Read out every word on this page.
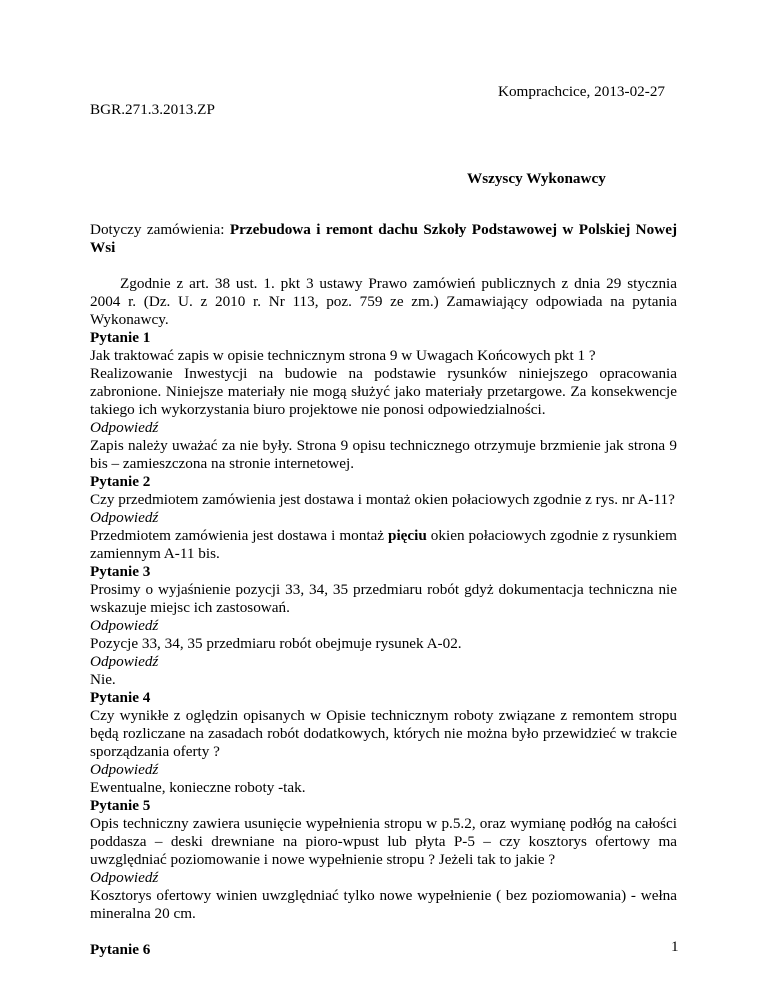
Komprachcice, 2013-02-27
BGR.271.3.2013.ZP
Wszyscy Wykonawcy

Dotyczy zamówienia: Przebudowa i remont dachu Szkoły Podstawowej w Polskiej Nowej Wsi

Zgodnie z art. 38 ust. 1. pkt 3 ustawy Prawo zamówień publicznych z dnia 29 stycznia 2004 r. (Dz. U. z 2010 r. Nr 113, poz. 759 ze zm.) Zamawiający odpowiada na pytania Wykonawcy.

Pytanie 1

Jak traktować zapis w opisie technicznym strona 9 w Uwagach Końcowych pkt 1 ?

Realizowanie Inwestycji na budowie na podstawie rysunków niniejszego opracowania zabronione. Niniejsze materiały nie mogą służyć jako materiały przetargowe. Za konsekwencje takiego ich wykorzystania biuro projektowe nie ponosi odpowiedzialności.

Odpowiedź

Zapis należy uważać za nie były. Strona 9 opisu technicznego otrzymuje brzmienie jak strona 9 bis – zamieszczona na stronie internetowej.

Pytanie 2

Czy przedmiotem zamówienia jest dostawa i montaż okien połaciowych zgodnie z rys. nr A-11?

Odpowiedź

Przedmiotem zamówienia jest dostawa i montaż pięciu okien połaciowych zgodnie z rysunkiem zamiennym A-11 bis.

Pytanie 3

Prosimy o wyjaśnienie pozycji 33, 34, 35 przedmiaru robót gdyż dokumentacja techniczna nie wskazuje miejsc ich zastosowań.

Odpowiedź

Pozycje 33, 34, 35 przedmiaru robót obejmuje rysunek A-02.

Odpowiedź

Nie.

Pytanie 4

Czy wynikłe z oględzin opisanych w Opisie technicznym roboty związane z remontem stropu będą rozliczane na zasadach robót dodatkowych, których nie można było przewidzieć w trakcie sporządzania oferty ?

Odpowiedź

Ewentualne, konieczne roboty -tak.

Pytanie 5

Opis techniczny zawiera usunięcie wypełnienia stropu w p.5.2, oraz wymianę podłóg na całości poddasza – deski drewniane na pioro-wpust lub płyta P-5 – czy kosztorys ofertowy ma uwzględniać poziomowanie i nowe wypełnienie stropu ? Jeżeli tak to jakie ?

Odpowiedź

Kosztorys ofertowy winien uwzględniać tylko nowe wypełnienie ( bez poziomowania) - wełna mineralna 20 cm.

Pytanie 6	1
